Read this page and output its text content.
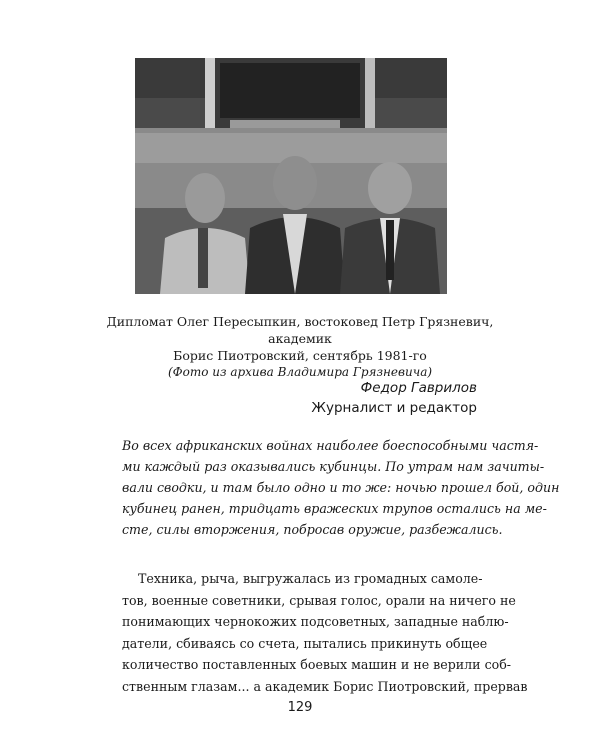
Дипломат Олег Пересыпкин, востоковед Петр Грязневич, академик
Борис Пиотровский, сентябрь 1981-го
(Фото из архива Владимира Грязневича)
Федор Гаврилов
Журналист и редактор
Во всех африканских войнах наиболее боеспособными частя-
ми каждый раз оказывались кубинцы. По утрам нам зачиты-
вали сводки, и там было одно и то же: ночью прошел бой, один
кубинец ранен, тридцать вражеских трупов остались на ме-
сте, силы вторжения, побросав оружие, разбежались.
Техника, рыча, выгружалась из громадных самоле-
тов, военные советники, срывая голос, орали на ничего не
понимающих чернокожих подсоветных, западные наблю-
датели, сбиваясь со счета, пытались прикинуть общее
количество поставленных боевых машин и не верили соб-
ственным глазам... а академик Борис Пиотровский, прервав
129
